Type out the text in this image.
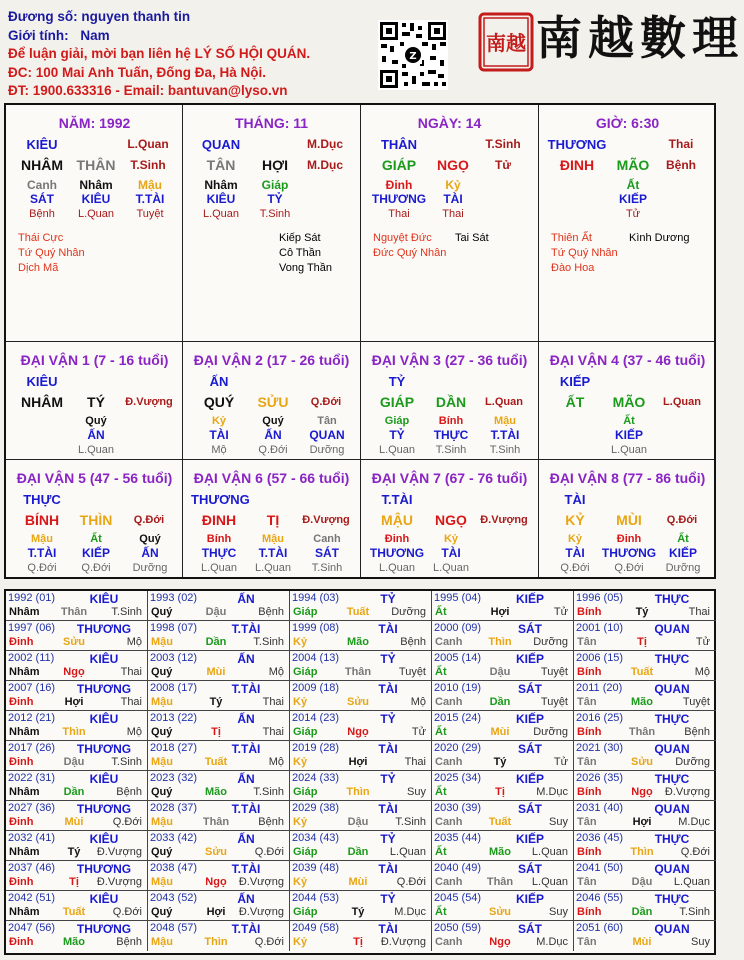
Đương số: nguyen thanh tin
Giới tính: Nam
Để luận giải, mời bạn liên hệ LÝ SỐ HỘI QUÁN.
ĐC: 100 Mai Anh Tuấn, Đống Đa, Hà Nội.
ĐT: 1900.633316 - Email: bantuvan@lyso.vn
Z
南越 南越數理
NĂM: 1992
KIÊU	L.Quan
NHÂM THÂN	T.Sinh
Canh	Nhâm	Mậu
SÁT	KIÊU	T.TÀI
Bệnh	L.Quan	Tuyệt
Thái Cực
Tứ Quý Nhân
Dịch Mã
THÁNG: 11
QUAN	M.Dục
TÂN	HỢI	M.Dục
Nhâm	Giáp
KIÊU	TỶ
L.Quan	T.Sinh
Kiếp Sát
Cô Thần
Vong Thần
NGÀY: 14
THÂN	T.Sinh
GIÁP	NGỌ	Tử
Đinh	Kỷ
THƯƠNG	TÀI
Thai	Thai
Nguyệt Đức
Đức Quý Nhân
Tai Sát
GIỜ: 6:30
THƯƠNG	Thai
ĐINH	MÃO	Bệnh
Ất
KIẾP
Tử
Thiên Ất
Tứ Quý Nhân
Đào Hoa
Kình Dương
ĐẠI VẬN 1 (7 - 16 tuổi)
KIÊU
NHÂM	TÝ	Đ.Vượng
Quý
ẤN
L.Quan
ĐẠI VẬN 2 (17 - 26 tuổi)
ẤN
QUÝ	SỬU	Q.Đới
Kỷ
TÀI
Mộ
Quý
ẤN
Q.Đới
Tân
QUAN
Dưỡng
ĐẠI VẬN 3 (27 - 36 tuổi)
TỶ
GIÁP	DẦN	L.Quan
Giáp
TỶ
L.Quan
Bính
THỰC
T.Sinh
Mậu
T.TÀI
T.Sinh
ĐẠI VẬN 4 (37 - 46 tuổi)
KIẾP
ẤT	MÃO	L.Quan
Ất
KIẾP
L.Quan
ĐẠI VẬN 5 (47 - 56 tuổi)
THỰC
BÍNH	THÌN	Q.Đới
Mậu
T.TÀI
Q.Đới
Ất
KIẾP
Q.Đới
Quý
ẤN
Dưỡng
ĐẠI VẬN 6 (57 - 66 tuổi)
THƯƠNG
ĐINH	TỊ	Đ.Vượng
Bính
THỰC
L.Quan
Mậu
T.TÀI
L.Quan
Canh
SÁT
T.Sinh
ĐẠI VẬN 7 (67 - 76 tuổi)
T.TÀI
MẬU	NGỌ	Đ.Vượng
Đinh
THƯƠNG
L.Quan
Kỷ
TÀI
L.Quan
ĐẠI VẬN 8 (77 - 86 tuổi)
TÀI
KỶ	MÙI	Q.Đới
Kỷ
TÀI
Q.Đới
Đinh
THƯƠNG
Q.Đới
Ất
KIẾP
Dưỡng
1992 (01)	KIÊU
Nhâm	Thân	T.Sinh
1993 (02)	ẤN
Quý	Dậu	Bệnh
1994 (03)	TỶ
Giáp	Tuất	Dưỡng
1995 (04)	KIẾP
Ất	Hợi	Tử
1996 (05)	THỰC
Bính	Tý	Thai
1997 (06)	THƯƠNG
Đinh	Sửu	Mộ
1998 (07)	T.TÀI
Mậu	Dần	T.Sinh
1999 (08)	TÀI
Kỷ	Mão	Bệnh
2000 (09)	SÁT
Canh	Thìn	Dưỡng
2001 (10)	QUAN
Tân	Tị	Tử
2002 (11)	KIÊU
Nhâm	Ngọ	Thai
2003 (12)	ẤN
Quý	Mùi	Mộ
2004 (13)	TỶ
Giáp	Thân	Tuyệt
2005 (14)	KIẾP
Ất	Dậu	Tuyệt
2006 (15)	THỰC
Bính	Tuất	Mộ
2007 (16)	THƯƠNG
Đinh	Hợi	Thai
2008 (17)	T.TÀI
Mậu	Tý	Thai
2009 (18)	TÀI
Kỷ	Sửu	Mộ
2010 (19)	SÁT
Canh	Dần	Tuyệt
2011 (20)	QUAN
Tân	Mão	Tuyệt
2012 (21)	KIÊU
Nhâm	Thìn	Mộ
2013 (22)	ẤN
Quý	Tị	Thai
2014 (23)	TỶ
Giáp	Ngọ	Tử
2015 (24)	KIẾP
Ất	Mùi	Dưỡng
2016 (25)	THỰC
Bính	Thân	Bệnh
2017 (26)	THƯƠNG
Đinh	Dậu	T.Sinh
2018 (27)	T.TÀI
Mậu	Tuất	Mộ
2019 (28)	TÀI
Kỷ	Hợi	Thai
2020 (29)	SÁT
Canh	Tý	Tử
2021 (30)	QUAN
Tân	Sửu	Dưỡng
2022 (31)	KIÊU
Nhâm	Dần	Bệnh
2023 (32)	ẤN
Quý	Mão	T.Sinh
2024 (33)	TỶ
Giáp	Thìn	Suy
2025 (34)	KIẾP
Ất	Tị	M.Dục
2026 (35)	THỰC
Bính	Ngọ	Đ.Vượng
2027 (36)	THƯƠNG
Đinh	Mùi	Q.Đới
2028 (37)	T.TÀI
Mậu	Thân	Bệnh
2029 (38)	TÀI
Kỷ	Dậu	T.Sinh
2030 (39)	SÁT
Canh	Tuất	Suy
2031 (40)	QUAN
Tân	Hợi	M.Dục
2032 (41)	KIÊU
Nhâm	Tý	Đ.Vượng
2033 (42)	ẤN
Quý	Sửu	Q.Đới
2034 (43)	TỶ
Giáp	Dần	L.Quan
2035 (44)	KIẾP
Ất	Mão	L.Quan
2036 (45)	THỰC
Bính	Thìn	Q.Đới
2037 (46)	THƯƠNG
Đinh	Tị	Đ.Vượng
2038 (47)	T.TÀI
Mậu	Ngọ	Đ.Vượng
2039 (48)	TÀI
Kỷ	Mùi	Q.Đới
2040 (49)	SÁT
Canh	Thân	L.Quan
2041 (50)	QUAN
Tân	Dậu	L.Quan
2042 (51)	KIÊU
Nhâm	Tuất	Q.Đới
2043 (52)	ẤN
Quý	Hợi	Đ.Vượng
2044 (53)	TỶ
Giáp	Tý	M.Dục
2045 (54)	KIẾP
Ất	Sửu	Suy
2046 (55)	THỰC
Bính	Dần	T.Sinh
2047 (56)	THƯƠNG
Đinh	Mão	Bệnh
2048 (57)	T.TÀI
Mậu	Thìn	Q.Đới
2049 (58)	TÀI
Kỷ	Tị	Đ.Vượng
2050 (59)	SÁT
Canh	Ngọ	M.Dục
2051 (60)	QUAN
Tân	Mùi	Suy
